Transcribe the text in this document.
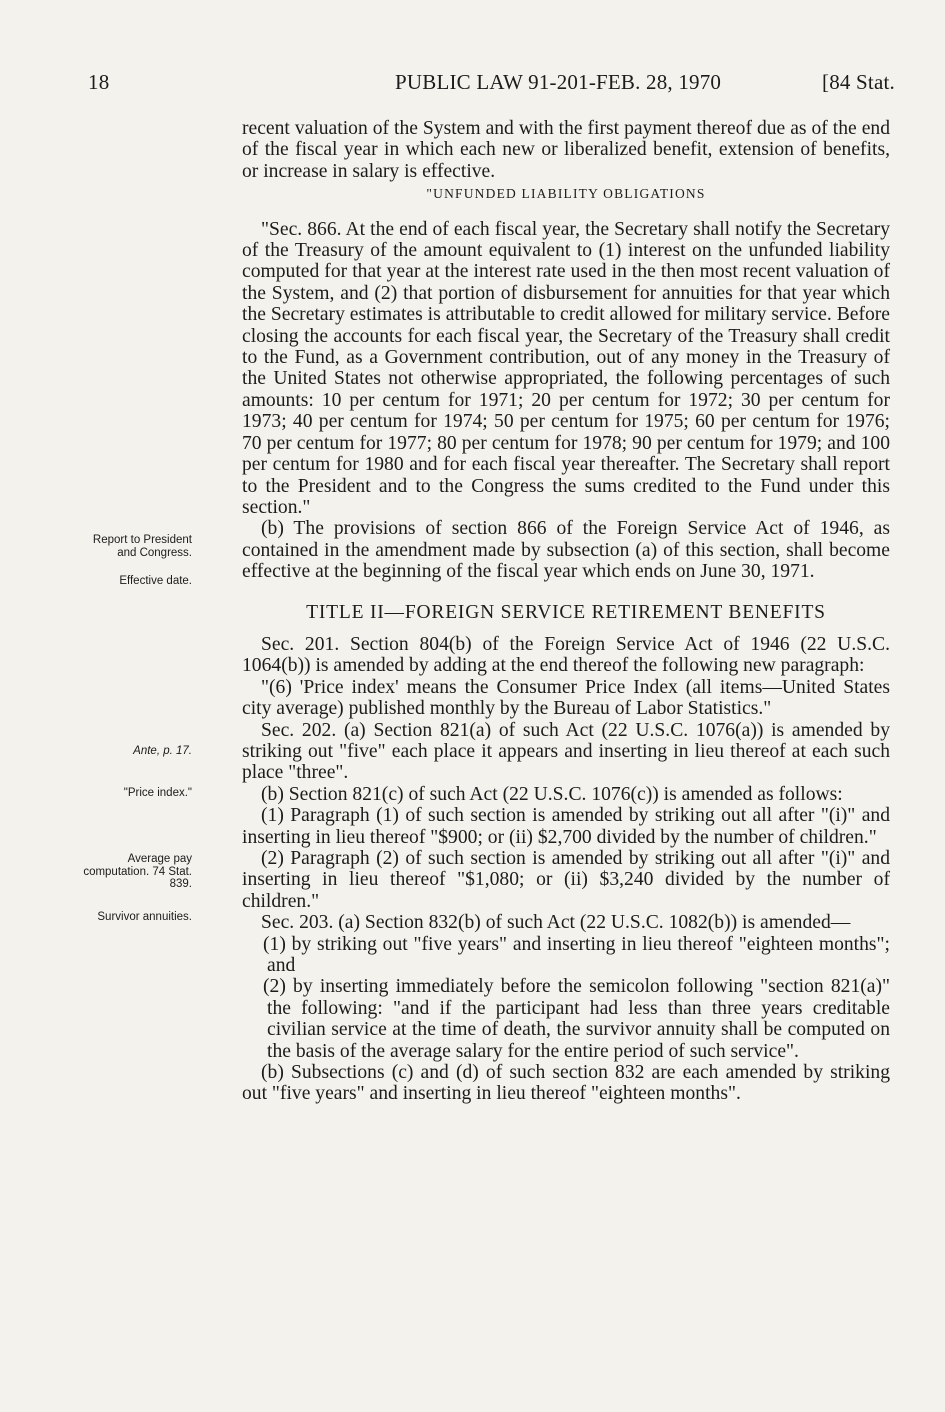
18	PUBLIC LAW 91-201-FEB. 28, 1970	[84 Stat.
Report to President and Congress.
Effective date.
Ante, p. 17.
"Price index."
Average pay computation. 74 Stat. 839.
Survivor annuities.

recent valuation of the System and with the first payment thereof due as of the end of the fiscal year in which each new or liberalized benefit, extension of benefits, or increase in salary is effective.

"UNFUNDED LIABILITY OBLIGATIONS

"Sec. 866. At the end of each fiscal year, the Secretary shall notify the Secretary of the Treasury of the amount equivalent to (1) interest on the unfunded liability computed for that year at the interest rate used in the then most recent valuation of the System, and (2) that portion of disbursement for annuities for that year which the Secretary estimates is attributable to credit allowed for military service. Before closing the accounts for each fiscal year, the Secretary of the Treasury shall credit to the Fund, as a Government contribution, out of any money in the Treasury of the United States not otherwise appropriated, the following percentages of such amounts: 10 per centum for 1971; 20 per centum for 1972; 30 per centum for 1973; 40 per centum for 1974; 50 per centum for 1975; 60 per centum for 1976; 70 per centum for 1977; 80 per centum for 1978; 90 per centum for 1979; and 100 per centum for 1980 and for each fiscal year thereafter. The Secretary shall report to the President and to the Congress the sums credited to the Fund under this section."

(b) The provisions of section 866 of the Foreign Service Act of 1946, as contained in the amendment made by subsection (a) of this section, shall become effective at the beginning of the fiscal year which ends on June 30, 1971.

TITLE II—FOREIGN SERVICE RETIREMENT BENEFITS

Sec. 201. Section 804(b) of the Foreign Service Act of 1946 (22 U.S.C. 1064(b)) is amended by adding at the end thereof the following new paragraph:

"(6) 'Price index' means the Consumer Price Index (all items—United States city average) published monthly by the Bureau of Labor Statistics."

Sec. 202. (a) Section 821(a) of such Act (22 U.S.C. 1076(a)) is amended by striking out "five" each place it appears and inserting in lieu thereof at each such place "three".

(b) Section 821(c) of such Act (22 U.S.C. 1076(c)) is amended as follows:

(1) Paragraph (1) of such section is amended by striking out all after "(i)" and inserting in lieu thereof "$900; or (ii) $2,700 divided by the number of children."

(2) Paragraph (2) of such section is amended by striking out all after "(i)" and inserting in lieu thereof "$1,080; or (ii) $3,240 divided by the number of children."

Sec. 203. (a) Section 832(b) of such Act (22 U.S.C. 1082(b)) is amended—

(1) by striking out "five years" and inserting in lieu thereof "eighteen months"; and

(2) by inserting immediately before the semicolon following "section 821(a)" the following: "and if the participant had less than three years creditable civilian service at the time of death, the survivor annuity shall be computed on the basis of the average salary for the entire period of such service".

(b) Subsections (c) and (d) of such section 832 are each amended by striking out "five years" and inserting in lieu thereof "eighteen months".
